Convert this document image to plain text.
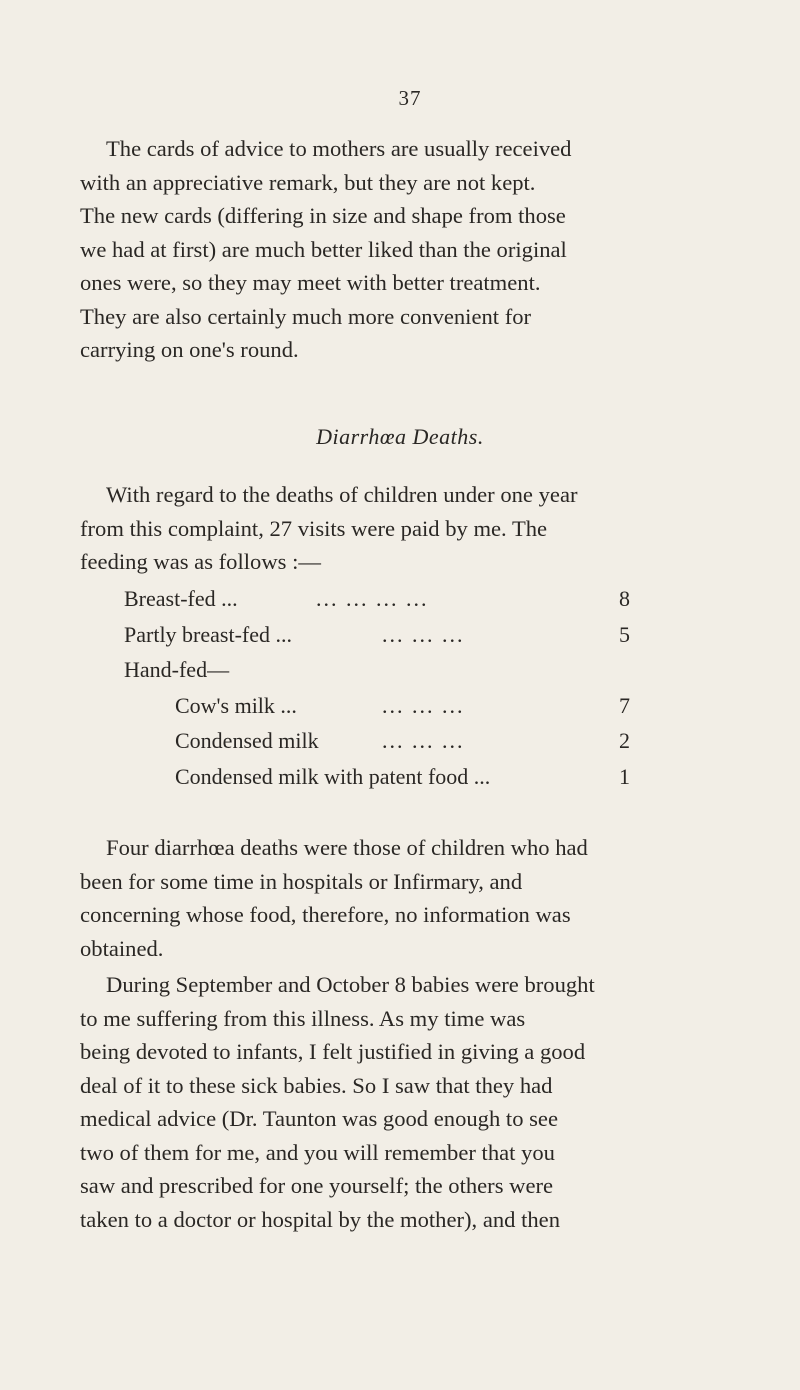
37
The cards of advice to mothers are usually received
with an appreciative remark, but they are not kept.
The new cards (differing in size and shape from those
we had at first) are much better liked than the original
ones were, so they may meet with better treatment.
They are also certainly much more convenient for
carrying on one's round.
Diarrhœa Deaths.
With regard to the deaths of children under one year
from this complaint, 27 visits were paid by me. The
feeding was as follows :—
Breast-fed ...	... ... ... ...	8
Partly breast-fed ...	... ... ...	5
Hand-fed—
Cow's milk ...	... ... ...	7
Condensed milk	... ... ...	2
Condensed milk with patent food ...	1
Four diarrhœa deaths were those of children who had
been for some time in hospitals or Infirmary, and
concerning whose food, therefore, no information was
obtained.
During September and October 8 babies were brought
to me suffering from this illness. As my time was
being devoted to infants, I felt justified in giving a good
deal of it to these sick babies. So I saw that they had
medical advice (Dr. Taunton was good enough to see
two of them for me, and you will remember that you
saw and prescribed for one yourself; the others were
taken to a doctor or hospital by the mother), and then
